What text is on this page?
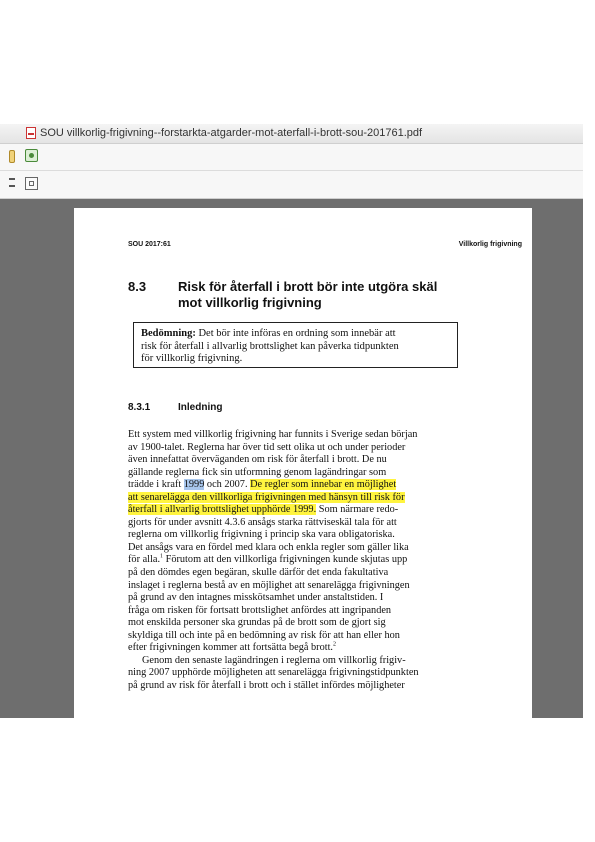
SOU villkorlig-frigivning--forstarkta-atgarder-mot-aterfall-i-brott-sou-201761.pdf
SOU 2017:61	Villkorlig frigivning
8.3 Risk för återfall i brott bör inte utgöra skäl
mot villkorlig frigivning
Bedömning: Det bör inte införas en ordning som innebär att
risk för återfall i allvarlig brottslighet kan påverka tidpunkten
för villkorlig frigivning.
8.3.1	Inledning
Ett system med villkorlig frigivning har funnits i Sverige sedan början
av 1900-talet. Reglerna har över tid sett olika ut och under perioder
även innefattat överväganden om risk för återfall i brott. De nu
gällande reglerna fick sin utformning genom lagändringar som
trädde i kraft 1999 och 2007. De regler som innebar en möjlighet
att senarelägga den villkorliga frigivningen med hänsyn till risk för
återfall i allvarlig brottslighet upphörde 1999. Som närmare redo-
gjorts för under avsnitt 4.3.6 ansågs starka rättviseskäl tala för att
reglerna om villkorlig frigivning i princip ska vara obligatoriska.
Det ansågs vara en fördel med klara och enkla regler som gäller lika
för alla.$^1$ Förutom att den villkorliga frigivningen kunde skjutas upp
på den dömdes egen begäran, skulle därför det enda fakultativa
inslaget i reglerna bestå av en möjlighet att senarelägga frigivningen
på grund av den intagnes misskötsamhet under anstaltstiden. I
fråga om risken för fortsatt brottslighet anfördes att ingripanden
mot enskilda personer ska grundas på de brott som de gjort sig
skyldiga till och inte på en bedömning av risk för att han eller hon
efter frigivningen kommer att fortsätta begå brott.$^2$
Genom den senaste lagändringen i reglerna om villkorlig frigiv-
ning 2007 upphörde möjligheten att senarelägga frigivningstidpunkten
på grund av risk för återfall i brott och i stället infördes möjligheter
